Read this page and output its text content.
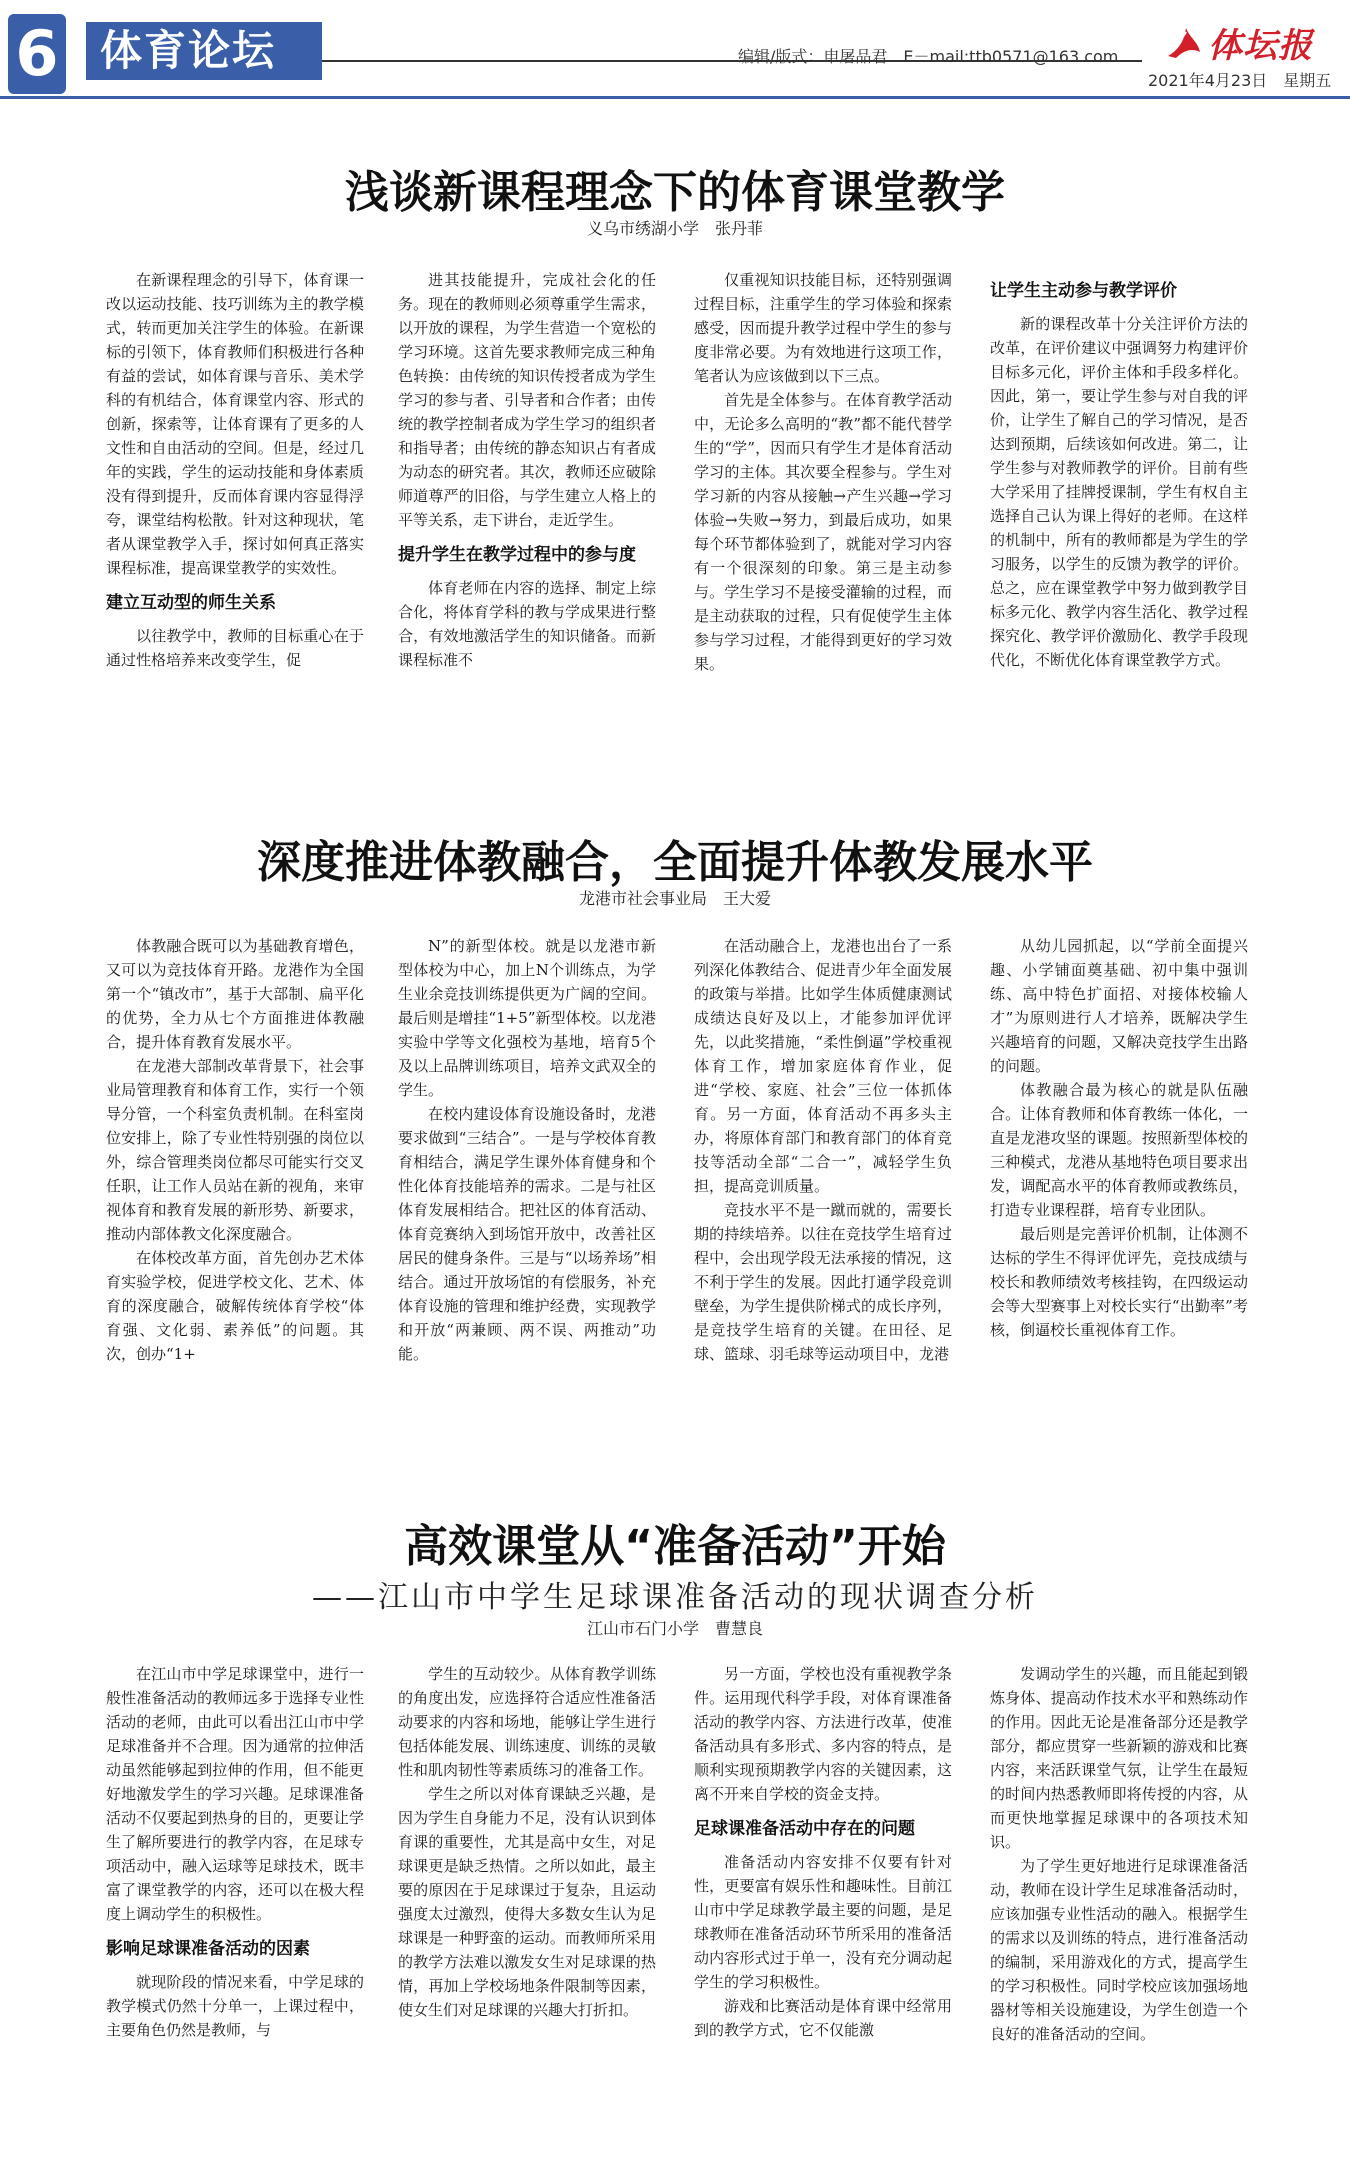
6 体育论坛	编辑/版式：申屠品君　E－mail:ttb0571@163.com	体坛报
2021年4月23日　星期五
浅谈新课程理念下的体育课堂教学
义乌市绣湖小学　张丹菲

在新课程理念的引导下，体育课一改以运动技能、技巧训练为主的教学模式，转而更加关注学生的体验。在新课标的引领下，体育教师们积极进行各种有益的尝试，如体育课与音乐、美术学科的有机结合，体育课堂内容、形式的创新，探索等，让体育课有了更多的人文性和自由活动的空间。但是，经过几年的实践，学生的运动技能和身体素质没有得到提升，反而体育课内容显得浮夸，课堂结构松散。针对这种现状，笔者从课堂教学入手，探讨如何真正落实课程标准，提高课堂教学的实效性。

建立互动型的师生关系

以往教学中，教师的目标重心在于通过性格培养来改变学生，促

进其技能提升，完成社会化的任务。现在的教师则必须尊重学生需求，以开放的课程，为学生营造一个宽松的学习环境。这首先要求教师完成三种角色转换：由传统的知识传授者成为学生学习的参与者、引导者和合作者；由传统的教学控制者成为学生学习的组织者和指导者；由传统的静态知识占有者成为动态的研究者。其次，教师还应破除师道尊严的旧俗，与学生建立人格上的平等关系，走下讲台，走近学生。

提升学生在教学过程中的参与度

体育老师在内容的选择、制定上综合化，将体育学科的教与学成果进行整合，有效地激活学生的知识储备。而新课程标准不

仅重视知识技能目标，还特别强调过程目标，注重学生的学习体验和探索感受，因而提升教学过程中学生的参与度非常必要。为有效地进行这项工作，笔者认为应该做到以下三点。

首先是全体参与。在体育教学活动中，无论多么高明的“教”都不能代替学生的“学”，因而只有学生才是体育活动学习的主体。其次要全程参与。学生对学习新的内容从接触→产生兴趣→学习体验→失败→努力，到最后成功，如果每个环节都体验到了，就能对学习内容有一个很深刻的印象。第三是主动参与。学生学习不是接受灌输的过程，而是主动获取的过程，只有促使学生主体参与学习过程，才能得到更好的学习效果。

让学生主动参与教学评价

新的课程改革十分关注评价方法的改革，在评价建议中强调努力构建评价目标多元化，评价主体和手段多样化。因此，第一，要让学生参与对自我的评价，让学生了解自己的学习情况，是否达到预期，后续该如何改进。第二，让学生参与对教师教学的评价。目前有些大学采用了挂牌授课制，学生有权自主选择自己认为课上得好的老师。在这样的机制中，所有的教师都是为学生的学习服务，以学生的反馈为教学的评价。总之，应在课堂教学中努力做到教学目标多元化、教学内容生活化、教学过程探究化、教学评价激励化、教学手段现代化，不断优化体育课堂教学方式。

深度推进体教融合，全面提升体教发展水平
龙港市社会事业局　王大爱

体教融合既可以为基础教育增色，又可以为竞技体育开路。龙港作为全国第一个“镇改市”，基于大部制、扁平化的优势，全力从七个方面推进体教融合，提升体育教育发展水平。

在龙港大部制改革背景下，社会事业局管理教育和体育工作，实行一个领导分管，一个科室负责机制。在科室岗位安排上，除了专业性特别强的岗位以外，综合管理类岗位都尽可能实行交叉任职，让工作人员站在新的视角，来审视体育和教育发展的新形势、新要求，推动内部体教文化深度融合。

在体校改革方面，首先创办艺术体育实验学校，促进学校文化、艺术、体育的深度融合，破解传统体育学校“体育强、文化弱、素养低”的问题。其次，创办“1+

N”的新型体校。就是以龙港市新型体校为中心，加上N个训练点，为学生业余竞技训练提供更为广阔的空间。最后则是增挂“1+5”新型体校。以龙港实验中学等文化强校为基地，培育5个及以上品牌训练项目，培养文武双全的学生。

在校内建设体育设施设备时，龙港要求做到“三结合”。一是与学校体育教育相结合，满足学生课外体育健身和个性化体育技能培养的需求。二是与社区体育发展相结合。把社区的体育活动、体育竞赛纳入到场馆开放中，改善社区居民的健身条件。三是与“以场养场”相结合。通过开放场馆的有偿服务，补充体育设施的管理和维护经费，实现教学和开放“两兼顾、两不误、两推动”功能。

在活动融合上，龙港也出台了一系列深化体教结合、促进青少年全面发展的政策与举措。比如学生体质健康测试成绩达良好及以上，才能参加评优评先，以此奖措施，“柔性倒逼”学校重视体育工作，增加家庭体育作业，促进“学校、家庭、社会”三位一体抓体育。另一方面，体育活动不再多头主办，将原体育部门和教育部门的体育竞技等活动全部“二合一”，减轻学生负担，提高竞训质量。

竞技水平不是一蹴而就的，需要长期的持续培养。以往在竞技学生培育过程中，会出现学段无法承接的情况，这不利于学生的发展。因此打通学段竞训壁垒，为学生提供阶梯式的成长序列，是竞技学生培育的关键。在田径、足球、篮球、羽毛球等运动项目中，龙港

从幼儿园抓起，以“学前全面提兴趣、小学铺面奠基础、初中集中强训练、高中特色扩面招、对接体校输人才”为原则进行人才培养，既解决学生兴趣培育的问题，又解决竞技学生出路的问题。

体教融合最为核心的就是队伍融合。让体育教师和体育教练一体化，一直是龙港攻坚的课题。按照新型体校的三种模式，龙港从基地特色项目要求出发，调配高水平的体育教师或教练员，打造专业课程群，培育专业团队。

最后则是完善评价机制，让体测不达标的学生不得评优评先，竞技成绩与校长和教师绩效考核挂钩，在四级运动会等大型赛事上对校长实行“出勤率”考核，倒逼校长重视体育工作。

高效课堂从“准备活动”开始
——江山市中学生足球课准备活动的现状调查分析
江山市石门小学　曹慧良

在江山市中学足球课堂中，进行一般性准备活动的教师远多于选择专业性活动的老师，由此可以看出江山市中学足球准备并不合理。因为通常的拉伸活动虽然能够起到拉伸的作用，但不能更好地激发学生的学习兴趣。足球课准备活动不仅要起到热身的目的，更要让学生了解所要进行的教学内容，在足球专项活动中，融入运球等足球技术，既丰富了课堂教学的内容，还可以在极大程度上调动学生的积极性。

影响足球课准备活动的因素

就现阶段的情况来看，中学足球的教学模式仍然十分单一，上课过程中，主要角色仍然是教师，与

学生的互动较少。从体育教学训练的角度出发，应选择符合适应性准备活动要求的内容和场地，能够让学生进行包括体能发展、训练速度、训练的灵敏性和肌肉韧性等素质练习的准备工作。

学生之所以对体育课缺乏兴趣，是因为学生自身能力不足，没有认识到体育课的重要性，尤其是高中女生，对足球课更是缺乏热情。之所以如此，最主要的原因在于足球课过于复杂，且运动强度太过激烈，使得大多数女生认为足球课是一种野蛮的运动。而教师所采用的教学方法难以激发女生对足球课的热情，再加上学校场地条件限制等因素，使女生们对足球课的兴趣大打折扣。

另一方面，学校也没有重视教学条件。运用现代科学手段，对体育课准备活动的教学内容、方法进行改革，使准备活动具有多形式、多内容的特点，是顺利实现预期教学内容的关键因素，这离不开来自学校的资金支持。

足球课准备活动中存在的问题

准备活动内容安排不仅要有针对性，更要富有娱乐性和趣味性。目前江山市中学足球教学最主要的问题，是足球教师在准备活动环节所采用的准备活动内容形式过于单一，没有充分调动起学生的学习积极性。

游戏和比赛活动是体育课中经常用到的教学方式，它不仅能激

发调动学生的兴趣，而且能起到锻炼身体、提高动作技术水平和熟练动作的作用。因此无论是准备部分还是教学部分，都应贯穿一些新颖的游戏和比赛内容，来活跃课堂气氛，让学生在最短的时间内热悉教师即将传授的内容，从而更快地掌握足球课中的各项技术知识。

为了学生更好地进行足球课准备活动，教师在设计学生足球准备活动时，应该加强专业性活动的融入。根据学生的需求以及训练的特点，进行准备活动的编制，采用游戏化的方式，提高学生的学习积极性。同时学校应该加强场地器材等相关设施建设，为学生创造一个良好的准备活动的空间。
